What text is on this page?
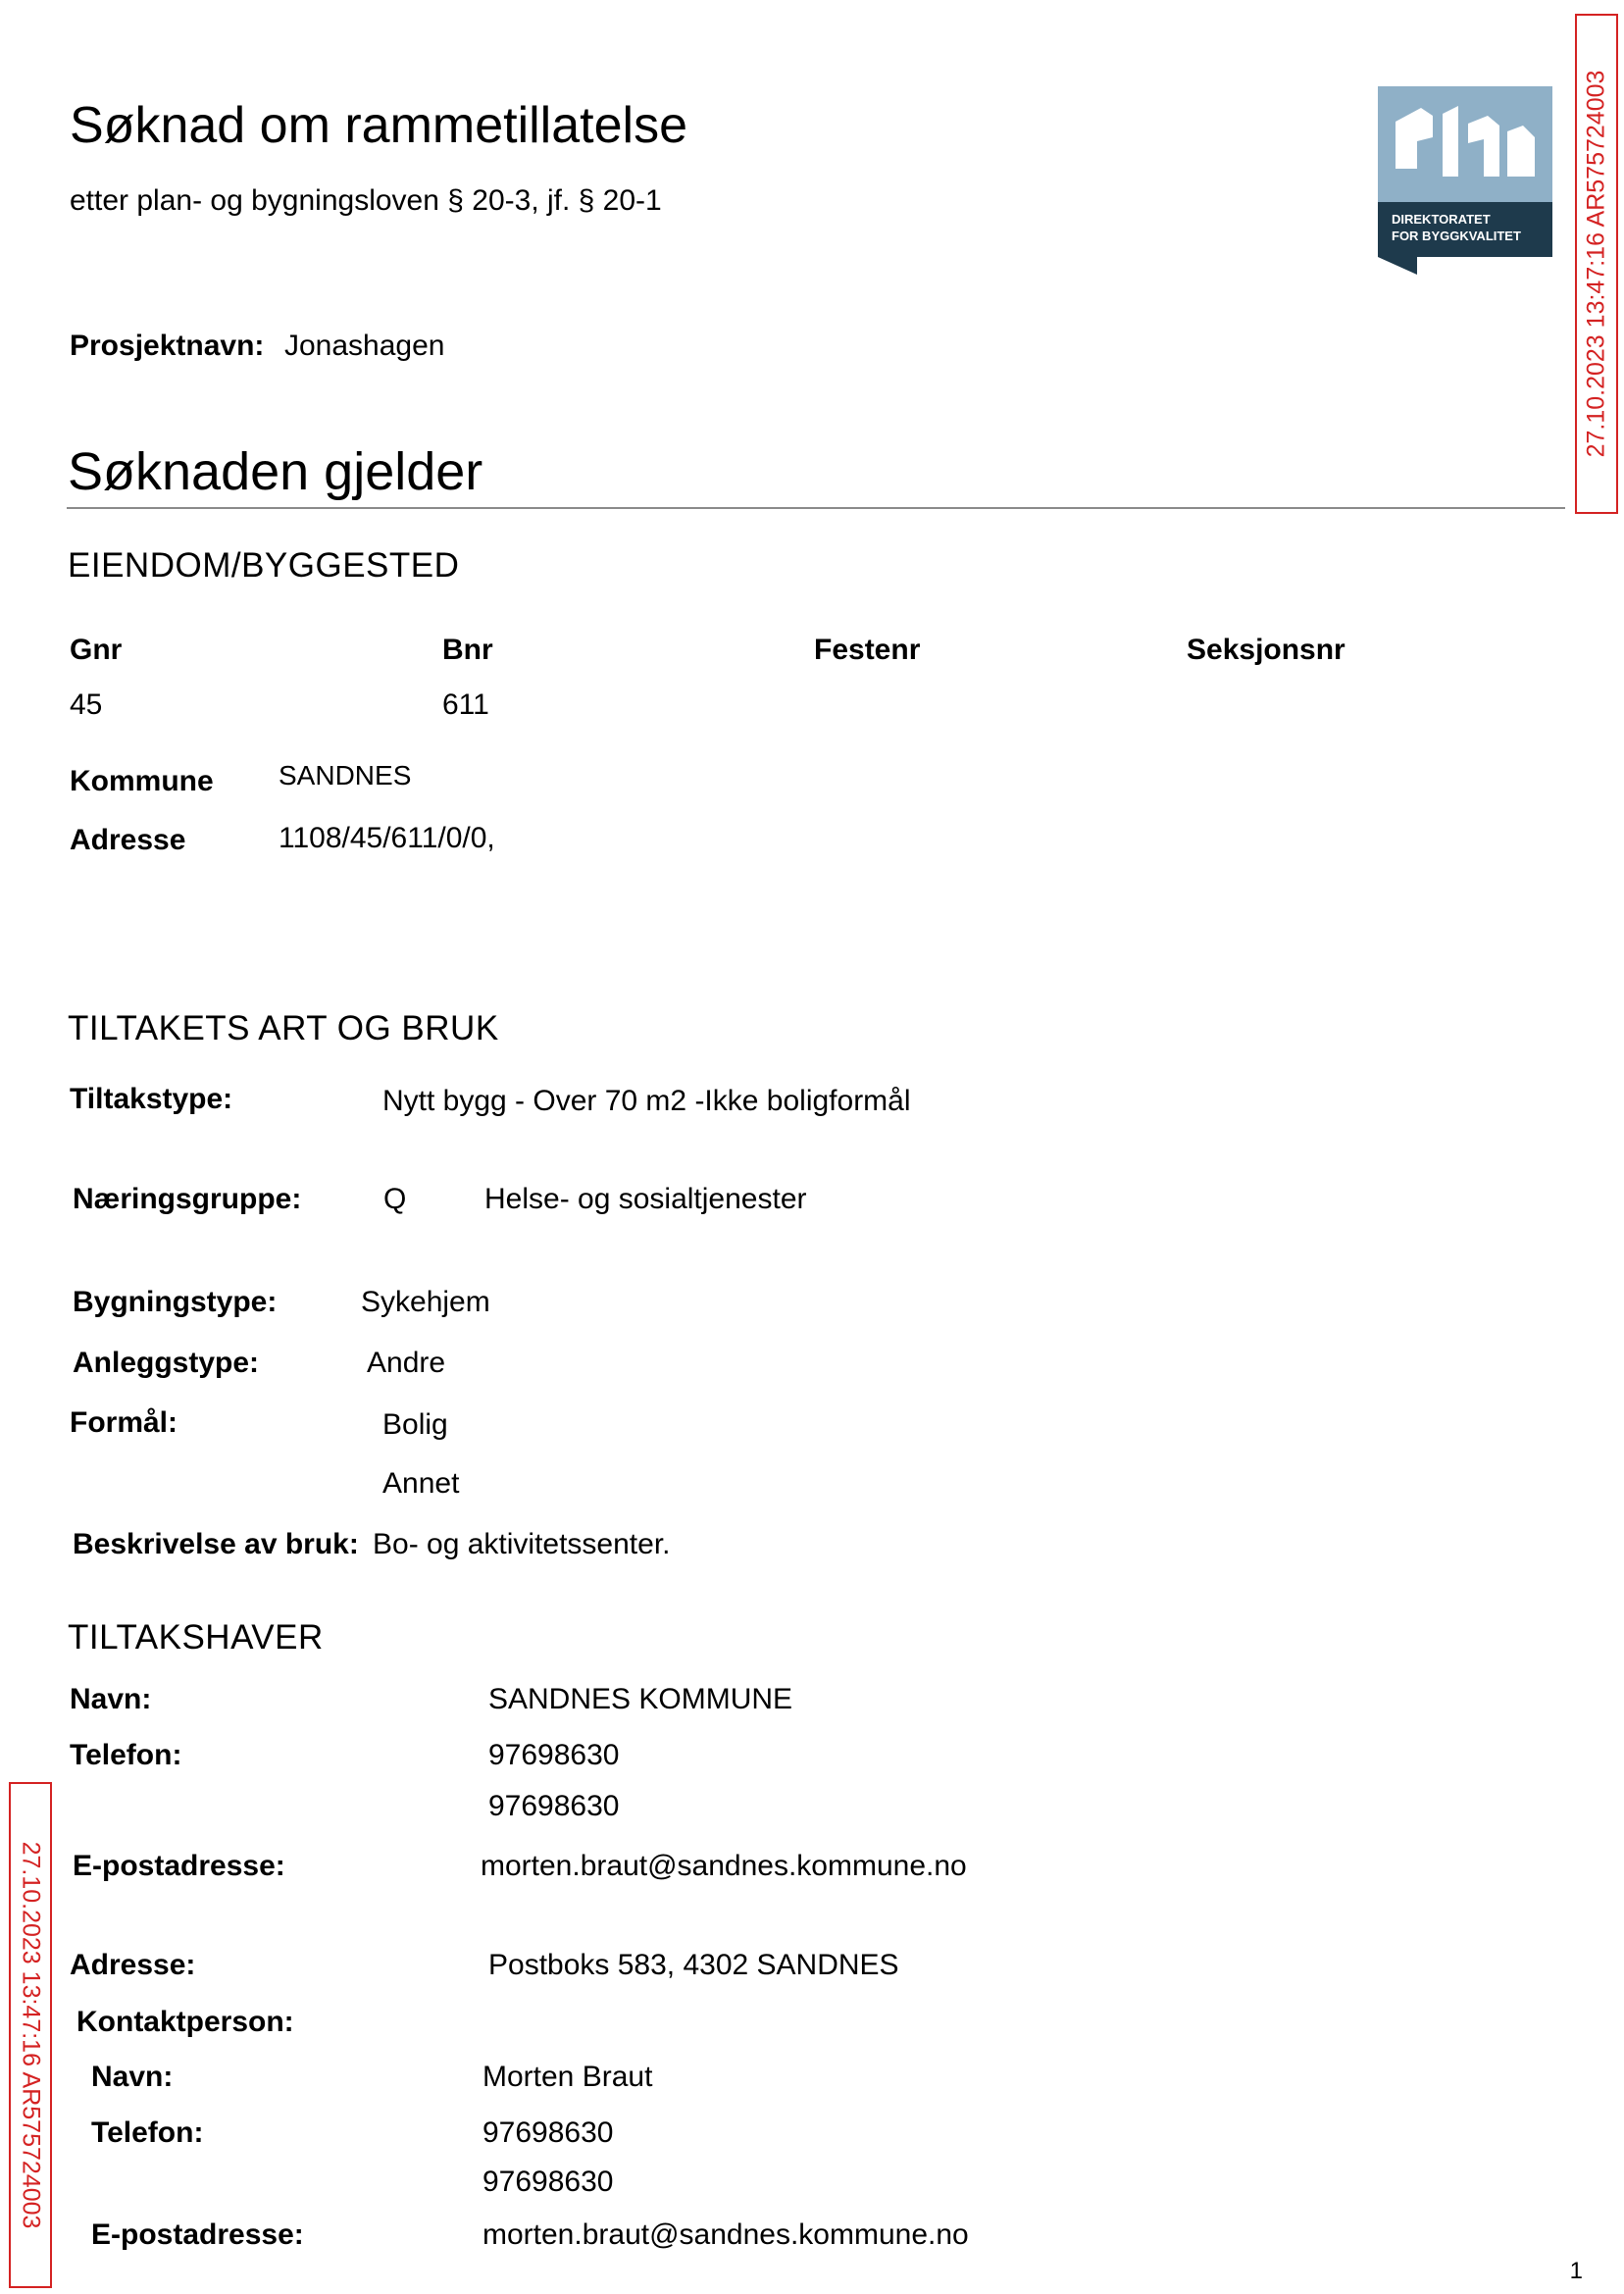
Søknad om rammetillatelse
etter plan- og bygningsloven § 20-3, jf. § 20-1
DIREKTORATET
FOR BYGGKVALITET	27.10.2023 13:47:16 AR575724003
27.10.2023 13:47:16 AR575724003
Prosjektnavn: Jonashagen
Søknaden gjelder
EIENDOM/BYGGESTED
Gnr	Bnr	Festenr	Seksjonsnr
45	611
Kommune SANDNES
Adresse	1108/45/611/0/0,
TILTAKETS ART OG BRUK
Tiltakstype:	Nytt bygg - Over 70 m2 -Ikke boligformål
Næringsgruppe:	Q	Helse- og sosialtjenester
Bygningstype:	Sykehjem
Anleggstype:	Andre
Formål:	Bolig
Annet
Beskrivelse av bruk: Bo- og aktivitetssenter.
TILTAKSHAVER
Navn:	SANDNES KOMMUNE
Telefon:	97698630
97698630
E-postadresse:	morten.braut@sandnes.kommune.no
Adresse:	Postboks 583, 4302 SANDNES
Kontaktperson:
Navn:	Morten Braut
Telefon:	97698630
97698630
E-postadresse:	morten.braut@sandnes.kommune.no
1
